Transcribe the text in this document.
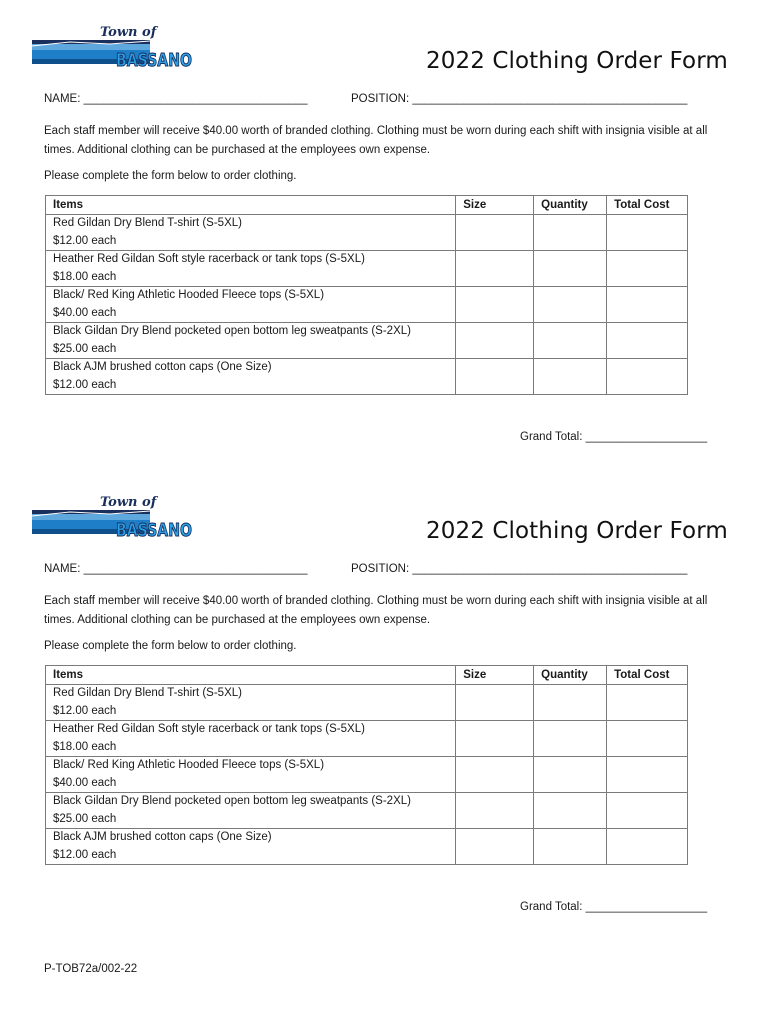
Town of
BASSANO	2022 Clothing Order Form
NAME: ___________________________________	POSITION: ___________________________________________
Each staff member will receive $40.00 worth of branded clothing. Clothing must be worn during each shift with insignia visible at all times. Additional clothing can be purchased at the employees own expense.
Please complete the form below to order clothing.
Items	Size	Quantity	Total Cost
Red Gildan Dry Blend T-shirt (S-5XL)
$12.00 each			
Heather Red Gildan Soft style racerback or tank tops (S-5XL)
$18.00 each			
Black/ Red King Athletic Hooded Fleece tops (S-5XL)
$40.00 each			
Black Gildan Dry Blend pocketed open bottom leg sweatpants (S-2XL)
$25.00 each			
Black AJM brushed cotton caps (One Size)
$12.00 each			
Grand Total: ___________________
Town of
BASSANO	2022 Clothing Order Form
NAME: ___________________________________	POSITION: ___________________________________________
Each staff member will receive $40.00 worth of branded clothing. Clothing must be worn during each shift with insignia visible at all times. Additional clothing can be purchased at the employees own expense.
Please complete the form below to order clothing.
Items	Size	Quantity	Total Cost
Red Gildan Dry Blend T-shirt (S-5XL)
$12.00 each			
Heather Red Gildan Soft style racerback or tank tops (S-5XL)
$18.00 each			
Black/ Red King Athletic Hooded Fleece tops (S-5XL)
$40.00 each			
Black Gildan Dry Blend pocketed open bottom leg sweatpants (S-2XL)
$25.00 each			
Black AJM brushed cotton caps (One Size)
$12.00 each			
Grand Total: ___________________
P-TOB72a/002-22
